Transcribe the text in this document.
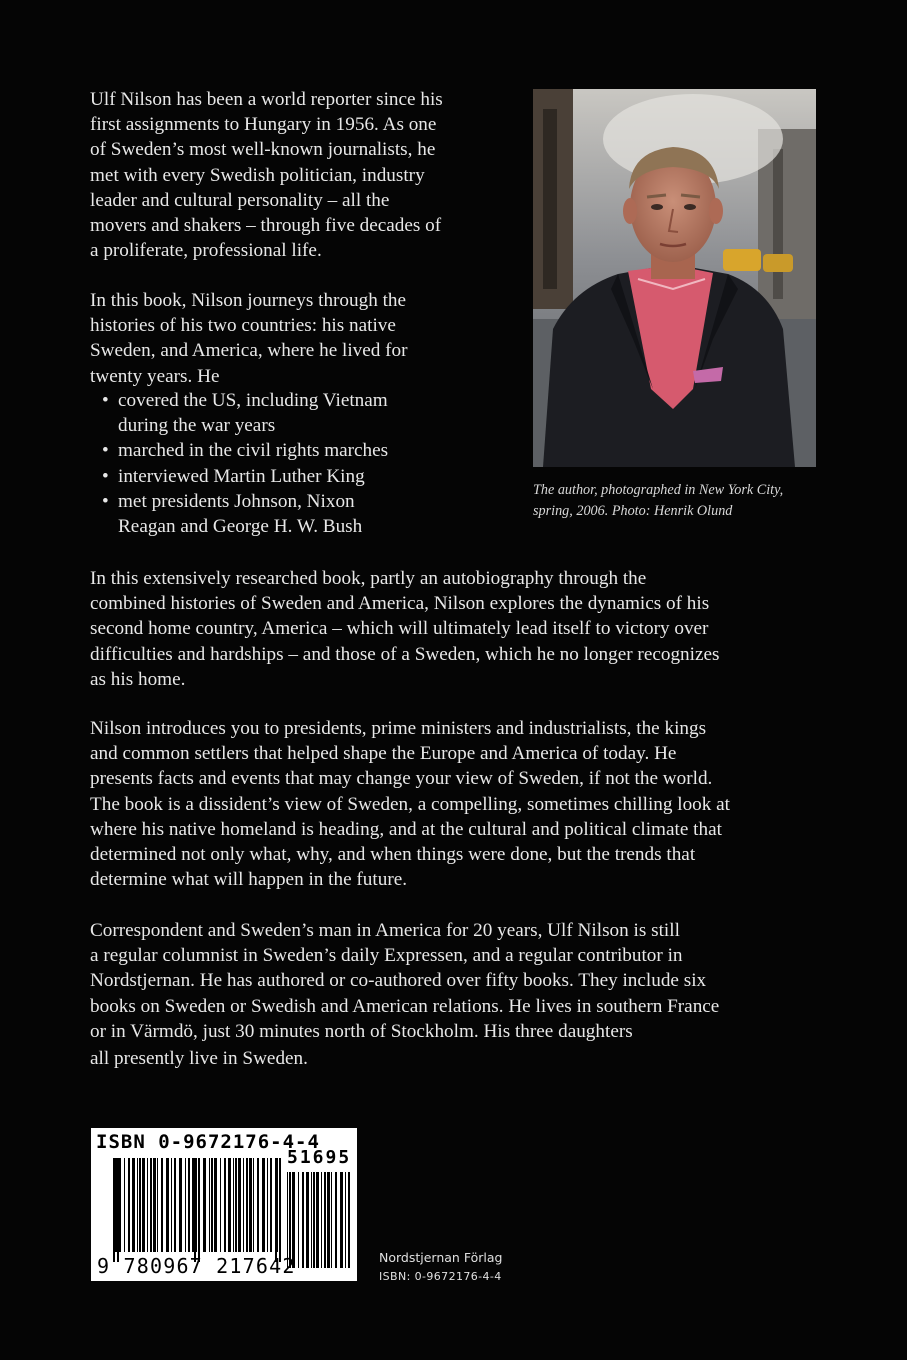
Ulf Nilson has been a world reporter since his
first assignments to Hungary in 1956. As one
of Sweden’s most well-known journalists, he
met with every Swedish politician, industry
leader and cultural personality – all the
movers and shakers – through five decades of
a proliferate, professional life.
In this book, Nilson journeys through the
histories of his two countries: his native
Sweden, and America, where he lived for
twenty years. He
• covered the US, including Vietnam
during the war years
• marched in the civil rights marches
• interviewed Martin Luther King
• met presidents Johnson, Nixon
Reagan and George H. W. Bush
The author, photographed in New York City,
spring, 2006. Photo: Henrik Olund
In this extensively researched book, partly an autobiography through the
combined histories of Sweden and America, Nilson explores the dynamics of his
second home country, America – which will ultimately lead itself to victory over
difficulties and hardships – and those of a Sweden, which he no longer recognizes
as his home.
Nilson introduces you to presidents, prime ministers and industrialists, the kings
and common settlers that helped shape the Europe and America of today. He
presents facts and events that may change your view of Sweden, if not the world.
The book is a dissident’s view of Sweden, a compelling, sometimes chilling look at
where his native homeland is heading, and at the cultural and political climate that
determined not only what, why, and when things were done, but the trends that
determine what will happen in the future.
Correspondent and Sweden’s man in America for 20 years, Ulf Nilson is still
a regular columnist in Sweden’s daily Expressen, and a regular contributor in
Nordstjernan. He has authored or co-authored over fifty books. They include six
books on Sweden or Swedish and American relations. He lives in southern France
or in Värmdö, just 30 minutes north of Stockholm. His three daughters
all presently live in Sweden.
ISBN 0-9672176-4-4
51695
9 780967 217642	Nordstjernan Förlag
ISBN: 0-9672176-4-4
